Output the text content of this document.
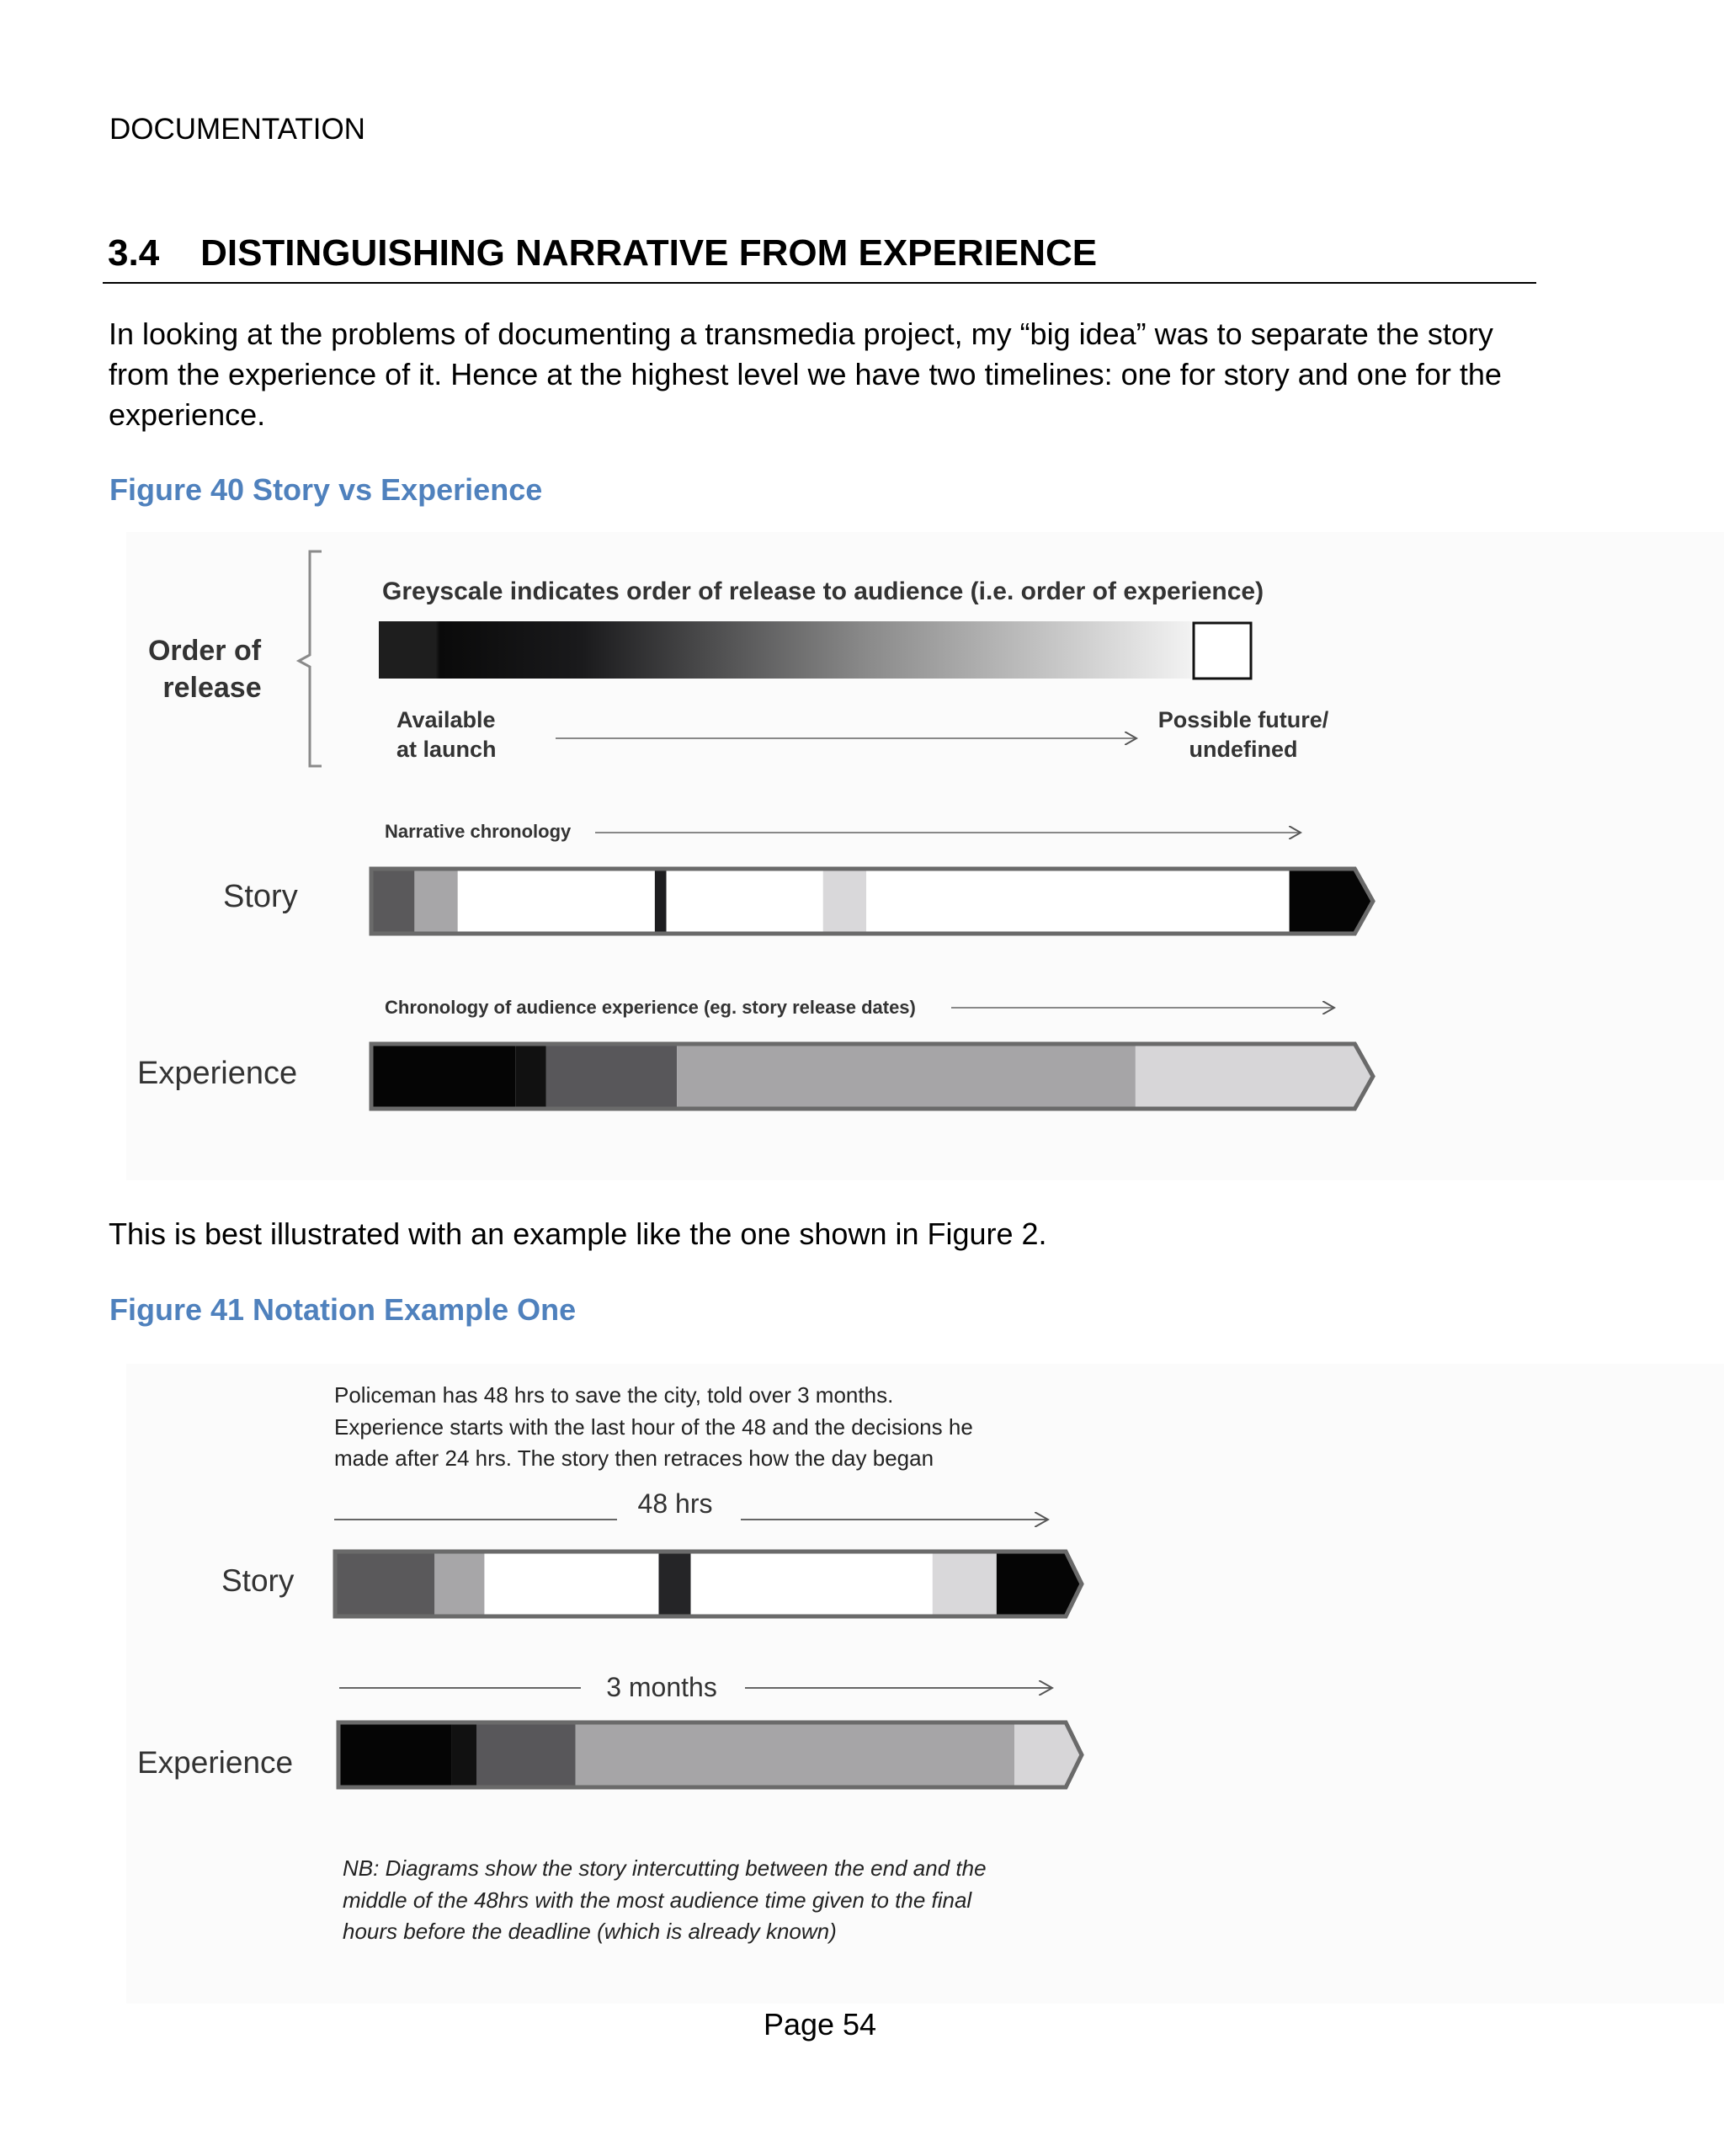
DOCUMENTATION
3.4    DISTINGUISHING NARRATIVE FROM EXPERIENCE
In looking at the problems of documenting a transmedia project, my “big idea” was to separate the story from the experience of it. Hence at the highest level we have two timelines: one for story and one for the experience.
Figure 40 Story vs Experience
Order of
release
Greyscale indicates order of release to audience (i.e. order of experience)
Available
at launch
Possible future/
undefined
Narrative chronology
Story
Chronology of audience experience (eg. story release dates)
Experience
This is best illustrated with an example like the one shown in Figure 2.
Figure 41 Notation Example One
Policeman has 48 hrs to save the city, told over 3 months.
Experience starts with the last hour of the 48 and the decisions he
made after 24 hrs. The story then retraces how the day began
48 hrs
Story
3 months
Experience
NB: Diagrams show the story intercutting between the end and the
middle of the 48hrs with the most audience time given to the final
hours before the deadline (which is already known)
Page 54
